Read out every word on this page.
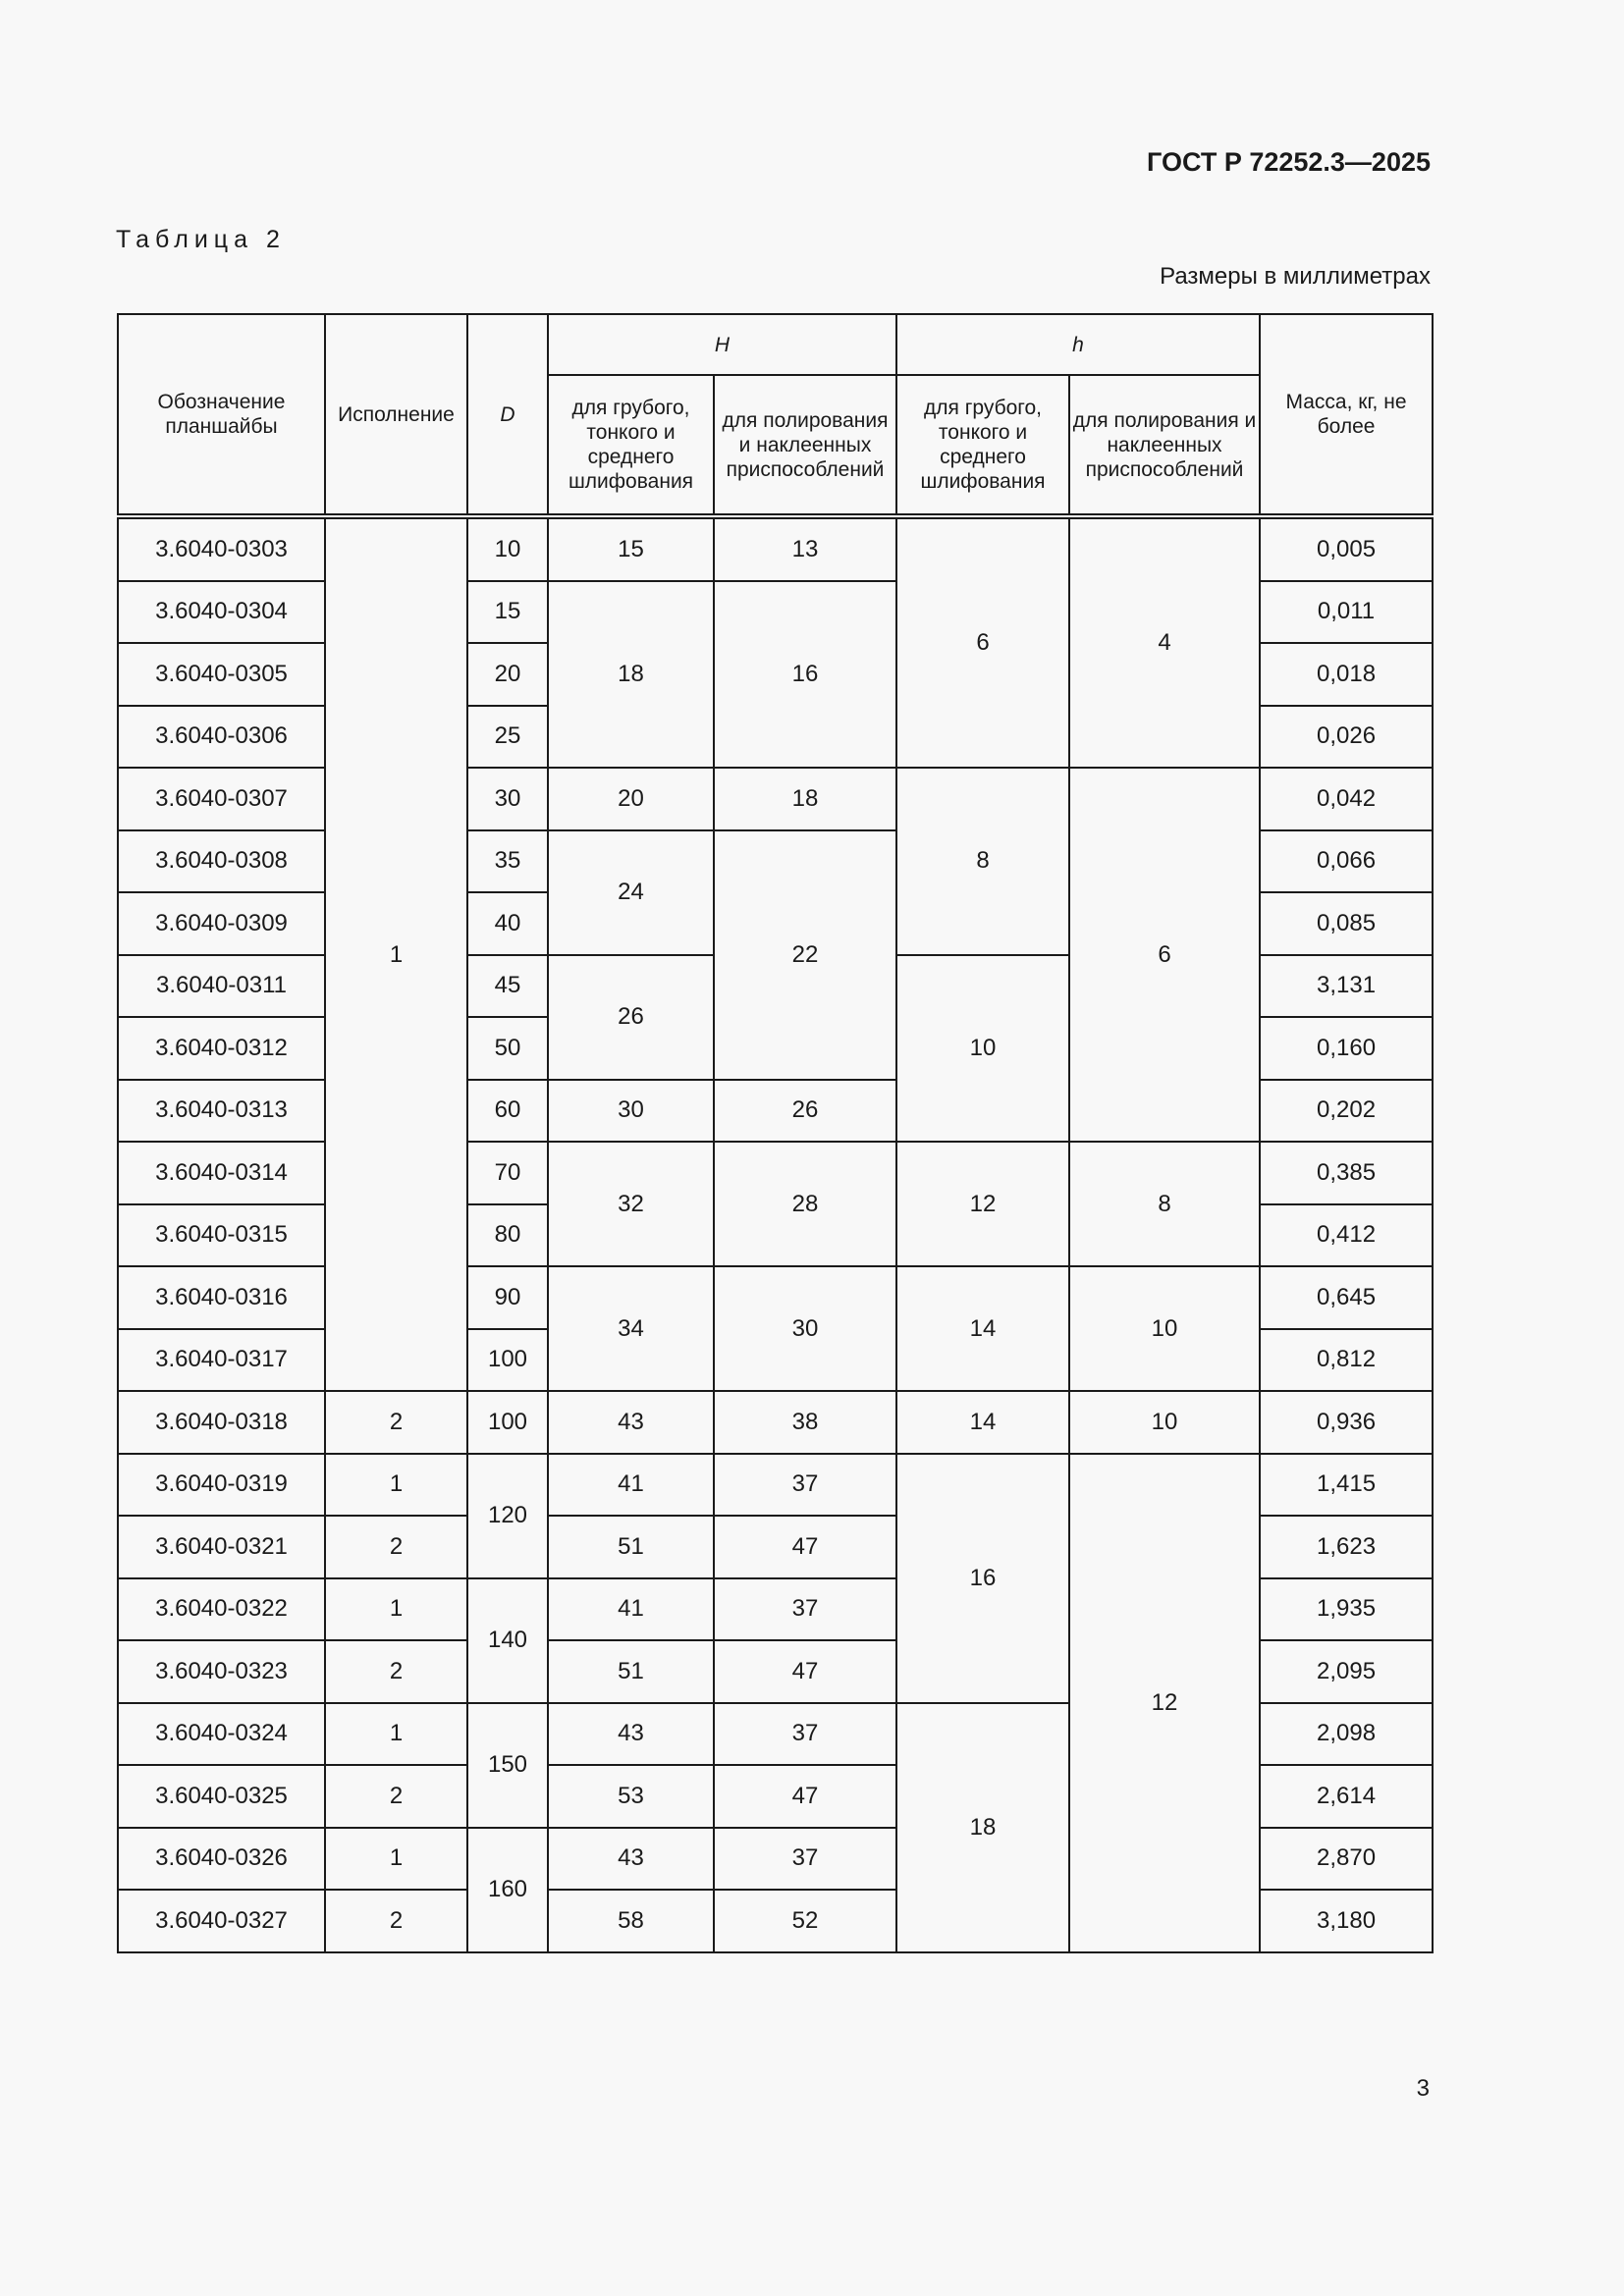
ГОСТ Р 72252.3—2025
Таблица 2
Размеры в миллиметрах
Обозначение планшайбы	Исполнение	D	H		h		Масса, кг, не более
			для грубого, тонкого и среднего шлифования	для полирования и наклеенных приспособлений	для грубого, тонкого и среднего шлифования	для полирования и наклеенных приспособлений	
3.6040-0303	1	10	15	13	6	4	0,005
3.6040-0304		15	18	16			0,011
3.6040-0305		20					0,018
3.6040-0306		25					0,026
3.6040-0307		30	20	18	8	6	0,042
3.6040-0308		35	24	22			0,066
3.6040-0309		40					0,085
3.6040-0311		45	26		10		3,131
3.6040-0312		50					0,160
3.6040-0313		60	30	26			0,202
3.6040-0314		70	32	28	12	8	0,385
3.6040-0315		80					0,412
3.6040-0316		90	34	30	14	10	0,645
3.6040-0317		100					0,812
3.6040-0318	2	100	43	38	14	10	0,936
3.6040-0319	1	120	41	37	16	12	1,415
3.6040-0321	2		51	47			1,623
3.6040-0322	1	140	41	37			1,935
3.6040-0323	2		51	47			2,095
3.6040-0324	1	150	43	37	18		2,098
3.6040-0325	2		53	47			2,614
3.6040-0326	1	160	43	37			2,870
3.6040-0327	2		58	52			3,180
3
